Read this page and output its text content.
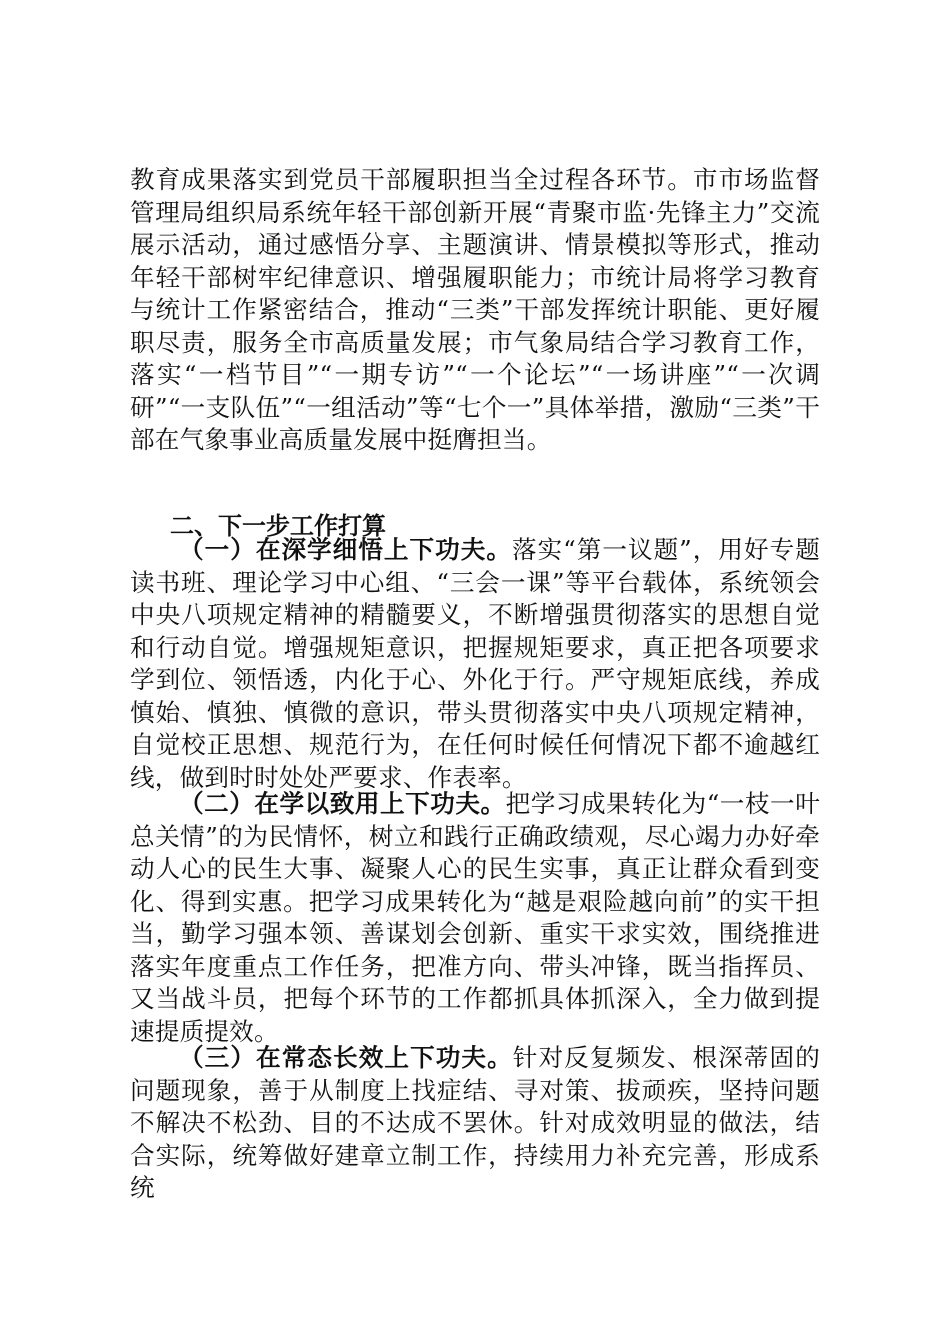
教育成果落实到党员干部履职担当全过程各环节。市市场监督管理局组织局系统年轻干部创新开展“青聚市监·先锋主力”交流展示活动，通过感悟分享、主题演讲、情景模拟等形式，推动年轻干部树牢纪律意识、增强履职能力；市统计局将学习教育与统计工作紧密结合，推动“三类”干部发挥统计职能、更好履职尽责，服务全市高质量发展；市气象局结合学习教育工作，落实“一档节目”“一期专访”“一个论坛”“一场讲座”“一次调研”“一支队伍”“一组活动”等“七个一”具体举措，激励“三类”干部在气象事业高质量发展中挺膺担当。

二、下一步工作打算

（一）在深学细悟上下功夫。落实“第一议题”，用好专题读书班、理论学习中心组、“三会一课”等平台载体，系统领会中央八项规定精神的精髓要义，不断增强贯彻落实的思想自觉和行动自觉。增强规矩意识，把握规矩要求，真正把各项要求学到位、领悟透，内化于心、外化于行。严守规矩底线，养成慎始、慎独、慎微的意识，带头贯彻落实中央八项规定精神，自觉校正思想、规范行为，在任何时候任何情况下都不逾越红线，做到时时处处严要求、作表率。

（二）在学以致用上下功夫。把学习成果转化为“一枝一叶总关情”的为民情怀，树立和践行正确政绩观，尽心竭力办好牵动人心的民生大事、凝聚人心的民生实事，真正让群众看到变化、得到实惠。把学习成果转化为“越是艰险越向前”的实干担当，勤学习强本领、善谋划会创新、重实干求实效，围绕推进落实年度重点工作任务，把准方向、带头冲锋，既当指挥员、又当战斗员，把每个环节的工作都抓具体抓深入，全力做到提速提质提效。

（三）在常态长效上下功夫。针对反复频发、根深蒂固的问题现象，善于从制度上找症结、寻对策、拔顽疾，坚持问题不解决不松劲、目的不达成不罢休。针对成效明显的做法，结合实际，统筹做好建章立制工作，持续用力补充完善，形成系统
